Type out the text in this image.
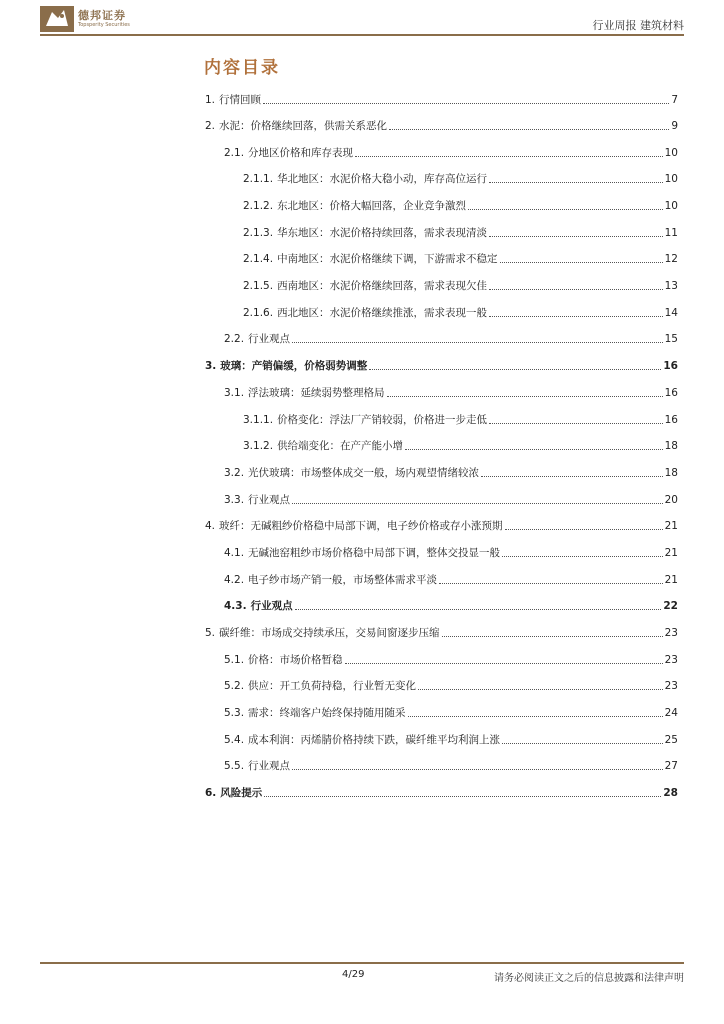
德邦证券
Topsperity Securities	行业周报 建筑材料
内容目录
1. 行情回顾	7
2. 水泥：价格继续回落，供需关系恶化	9
2.1. 分地区价格和库存表现	10
2.1.1. 华北地区：水泥价格大稳小动，库存高位运行	10
2.1.2. 东北地区：价格大幅回落，企业竞争激烈	10
2.1.3. 华东地区：水泥价格持续回落，需求表现清淡	11
2.1.4. 中南地区：水泥价格继续下调，下游需求不稳定	12
2.1.5. 西南地区：水泥价格继续回落，需求表现欠佳	13
2.1.6. 西北地区：水泥价格继续推涨，需求表现一般	14
2.2. 行业观点	15
3. 玻璃：产销偏缓，价格弱势调整	16
3.1. 浮法玻璃：延续弱势整理格局	16
3.1.1. 价格变化：浮法厂产销较弱，价格进一步走低	16
3.1.2. 供给端变化：在产产能小增	18
3.2. 光伏玻璃：市场整体成交一般，场内观望情绪较浓	18
3.3. 行业观点	20
4. 玻纤：无碱粗纱价格稳中局部下调，电子纱价格或存小涨预期	21
4.1. 无碱池窑粗纱市场价格稳中局部下调，整体交投显一般	21
4.2. 电子纱市场产销一般，市场整体需求平淡	21
4.3. 行业观点	22
5. 碳纤维：市场成交持续承压，交易间窗逐步压缩	23
5.1. 价格：市场价格暂稳	23
5.2. 供应：开工负荷持稳，行业暂无变化	23
5.3. 需求：终端客户始终保持随用随采	24
5.4. 成本利润：丙烯腈价格持续下跌，碳纤维平均利润上涨	25
5.5. 行业观点	27
6. 风险提示	28
4/29	请务必阅读正文之后的信息披露和法律声明
